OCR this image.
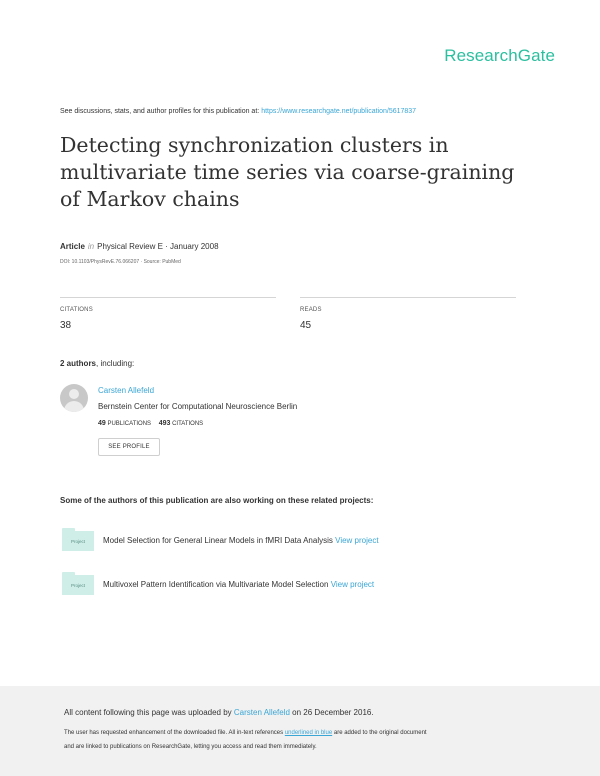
ResearchGate
See discussions, stats, and author profiles for this publication at: https://www.researchgate.net/publication/5617837
Detecting synchronization clusters in multivariate time series via coarse-graining of Markov chains
Article in Physical Review E · January 2008
DOI: 10.1103/PhysRevE.76.066207 · Source: PubMed
CITATIONS
38
READS
45
2 authors, including:
Carsten Allefeld
Bernstein Center for Computational Neuroscience Berlin
49 PUBLICATIONS 493 CITATIONS
SEE PROFILE
Some of the authors of this publication are also working on these related projects:
Project	Model Selection for General Linear Models in fMRI Data Analysis View project
Project	Multivoxel Pattern Identification via Multivariate Model Selection View project
All content following this page was uploaded by Carsten Allefeld on 26 December 2016.
The user has requested enhancement of the downloaded file. All in-text references underlined in blue are added to the original document
and are linked to publications on ResearchGate, letting you access and read them immediately.
